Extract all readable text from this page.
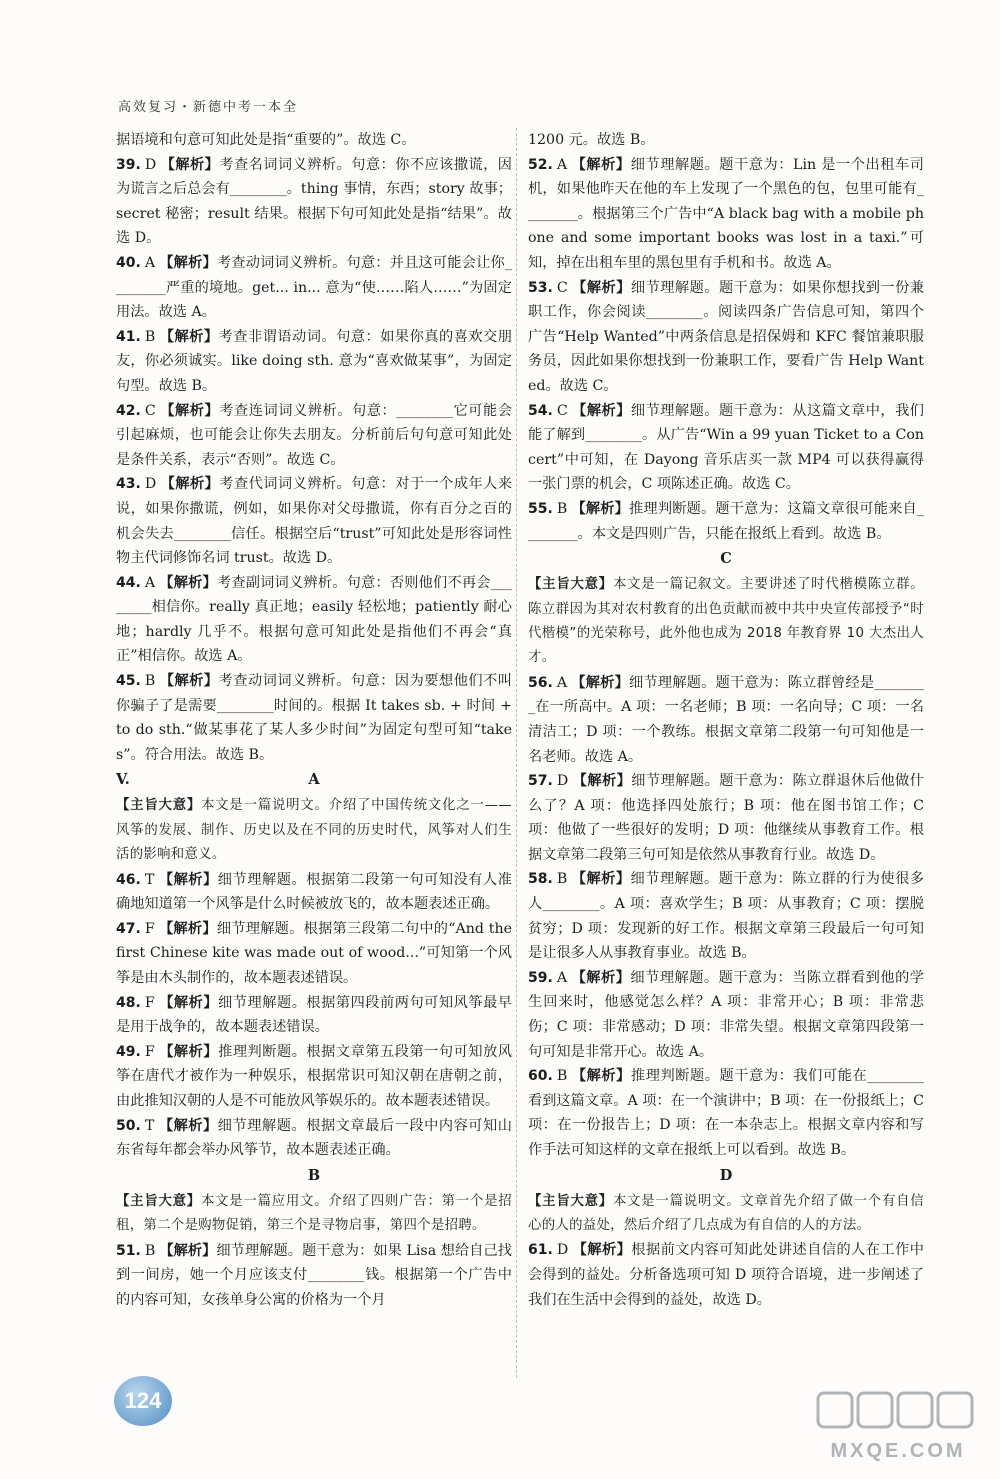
高效复习・新德中考一本全

据语境和句意可知此处是指“重要的”。故选 C。

39. D 【解析】考查名词词义辨析。句意：你不应该撒谎，因为谎言之后总会有________。thing 事情，东西；story 故事；secret 秘密；result 结果。根据下句可知此处是指“结果”。故选 D。

40. A 【解析】考查动词词义辨析。句意：并且这可能会让你________严重的境地。get... in... 意为“使……陷人……”为固定用法。故选 A。

41. B 【解析】考查非谓语动词。句意：如果你真的喜欢交朋友，你必须诚实。like doing sth. 意为“喜欢做某事”，为固定句型。故选 B。

42. C 【解析】考查连词词义辨析。句意：________它可能会引起麻烦，也可能会让你失去朋友。分析前后句句意可知此处是条件关系，表示“否则”。故选 C。

43. D 【解析】考查代词词义辨析。句意：对于一个成年人来说，如果你撒谎，例如，如果你对父母撒谎，你有百分之百的机会失去________信任。根据空后“trust”可知此处是形容词性物主代词修饰名词 trust。故选 D。

44. A 【解析】考查副词词义辨析。句意：否则他们不再会________相信你。really 真正地；easily 轻松地；patiently 耐心地；hardly 几乎不。根据句意可知此处是指他们不再会“真正”相信你。故选 A。

45. B 【解析】考查动词词义辨析。句意：因为要想他们不叫你骗子了是需要________时间的。根据 It takes sb. + 时间 + to do sth.“做某事花了某人多少时间”为固定句型可知“takes”。符合用法。故选 B。

V.	A

【主旨大意】本文是一篇说明文。介绍了中国传统文化之一——风筝的发展、制作、历史以及在不同的历史时代，风筝对人们生活的影响和意义。

46. T 【解析】细节理解题。根据第二段第一句可知没有人准确地知道第一个风筝是什么时候被放飞的，故本题表述正确。

47. F 【解析】细节理解题。根据第三段第二句中的“And the first Chinese kite was made out of wood...”可知第一个风筝是由木头制作的，故本题表述错误。

48. F 【解析】细节理解题。根据第四段前两句可知风筝最早是用于战争的，故本题表述错误。

49. F 【解析】推理判断题。根据文章第五段第一句可知放风筝在唐代才被作为一种娱乐，根据常识可知汉朝在唐朝之前，由此推知汉朝的人是不可能放风筝娱乐的。故本题表述错误。

50. T 【解析】细节理解题。根据文章最后一段中内容可知山东省每年都会举办风筝节，故本题表述正确。

B

【主旨大意】本文是一篇应用文。介绍了四则广告：第一个是招租，第二个是购物促销，第三个是寻物启事，第四个是招聘。

51. B 【解析】细节理解题。题干意为：如果 Lisa 想给自己找到一间房，她一个月应该支付________钱。根据第一个广告中的内容可知，女孩单身公寓的价格为一个月

1200 元。故选 B。

52. A 【解析】细节理解题。题干意为：Lin 是一个出租车司机，如果他昨天在他的车上发现了一个黑色的包，包里可能有________。根据第三个广告中“A black bag with a mobile phone and some important books was lost in a taxi.”可知，掉在出租车里的黑包里有手机和书。故选 A。

53. C 【解析】细节理解题。题干意为：如果你想找到一份兼职工作，你会阅读________。阅读四条广告信息可知，第四个广告“Help Wanted”中两条信息是招保姆和 KFC 餐馆兼职服务员，因此如果你想找到一份兼职工作，要看广告 Help Wanted。故选 C。

54. C 【解析】细节理解题。题干意为：从这篇文章中，我们能了解到________。从广告“Win a 99 yuan Ticket to a Concert”中可知，在 Dayong 音乐店买一款 MP4 可以获得赢得一张门票的机会，C 项陈述正确。故选 C。

55. B 【解析】推理判断题。题干意为：这篇文章很可能来自________。本文是四则广告，只能在报纸上看到。故选 B。

C

【主旨大意】本文是一篇记叙文。主要讲述了时代楷模陈立群。陈立群因为其对农村教育的出色贡献而被中共中央宣传部授予“时代楷模”的光荣称号，此外他也成为 2018 年教育界 10 大杰出人才。

56. A 【解析】细节理解题。题干意为：陈立群曾经是________在一所高中。A 项：一名老师；B 项：一名向导；C 项：一名清洁工；D 项：一个教练。根据文章第二段第一句可知他是一名老师。故选 A。

57. D 【解析】细节理解题。题干意为：陈立群退休后他做什么了？A 项：他选择四处旅行；B 项：他在图书馆工作；C 项：他做了一些很好的发明；D 项：他继续从事教育工作。根据文章第二段第三句可知是依然从事教育行业。故选 D。

58. B 【解析】细节理解题。题干意为：陈立群的行为使很多人________。A 项：喜欢学生；B 项：从事教育；C 项：摆脱贫穷；D 项：发现新的好工作。根据文章第三段最后一句可知是让很多人从事教育事业。故选 B。

59. A 【解析】细节理解题。题干意为：当陈立群看到他的学生回来时，他感觉怎么样？A 项：非常开心；B 项：非常悲伤；C 项：非常感动；D 项：非常失望。根据文章第四段第一句可知是非常开心。故选 A。

60. B 【解析】推理判断题。题干意为：我们可能在________看到这篇文章。A 项：在一个演讲中；B 项：在一份报纸上；C 项：在一份报告上；D 项：在一本杂志上。根据文章内容和写作手法可知这样的文章在报纸上可以看到。故选 B。

D

【主旨大意】本文是一篇说明文。文章首先介绍了做一个有自信心的人的益处，然后介绍了几点成为有自信的人的方法。

61. D 【解析】根据前文内容可知此处讲述自信的人在工作中会得到的益处。分析备选项可知 D 项符合语境，进一步阐述了我们在生活中会得到的益处，故选 D。

124
MXQE.COM
